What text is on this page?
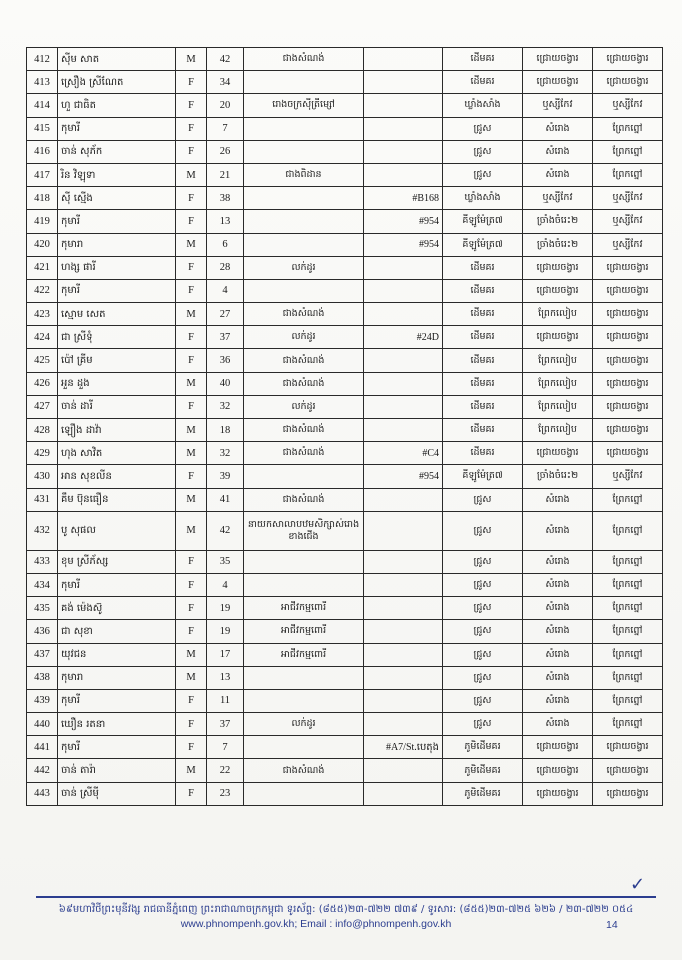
412	ស៊ីម សាត	M	42	ជាងសំណង់		ដើមគរ	ជ្រោយចង្វារ	ជ្រោយចង្វារ
413	ស្រឿង ស្រីណែត	F	34			ដើមគរ	ជ្រោយចង្វារ	ជ្រោយចង្វារ
414	ហួ ជាធិត	F	20	រោងចក្រស៊ីត្រីម្សៅ		ឃ្លាំងសាំង	ឬស្សីកែវ	ឬស្សីកែវ
415	កុមារី	F	7			ជ្រូស	សំរោង	ព្រែកព្នៅ
416	ចាន់ សុភ័ក	F	26			ជ្រូស	សំរោង	ព្រែកព្នៅ
417	រិន វិឡុទា	M	21	ជាងពិដាន		ជ្រូស	សំរោង	ព្រែកព្នៅ
418	ស៊ី ស្មើង	F	38		#B168	ឃ្លាំងសាំង	ឬស្សីកែវ	ឬស្សីកែវ
419	កុមារី	F	13		#954	គីឡូម៉ែត្រ៧	ច្រាំងចំរេះ២	ឬស្សីកែវ
420	កុមារា	M	6		#954	គីឡូម៉ែត្រ៧	ច្រាំងចំរេះ២	ឬស្សីកែវ
421	ហង្ស ផារី	F	28	លក់ដូរ		ដើមគរ	ជ្រោយចង្វារ	ជ្រោយចង្វារ
422	កុមារី	F	4			ដើមគរ	ជ្រោយចង្វារ	ជ្រោយចង្វារ
423	ស្មោម សេត	M	27	ជាងសំណង់		ដើមគរ	ព្រែកលៀប	ជ្រោយចង្វារ
424	ជា ស្រីទុំ	F	37	លក់ដូរ	#24D	ដើមគរ	ជ្រោយចង្វារ	ជ្រោយចង្វារ
425	ប៉ៅ គ្រីម	F	36	ជាងសំណង់		ដើមគរ	ព្រែកលៀប	ជ្រោយចង្វារ
426	អួន ដួង	M	40	ជាងសំណង់		ដើមគរ	ព្រែកលៀប	ជ្រោយចង្វារ
427	ចាន់ ដារី	F	32	លក់ដូរ		ដើមគរ	ព្រែកលៀប	ជ្រោយចង្វារ
428	ឡឿង ដាវ៉ា	M	18	ជាងសំណង់		ដើមគរ	ព្រែកលៀប	ជ្រោយចង្វារ
429	ហុង សាវិត	M	32	ជាងសំណង់	#C4	ដើមគរ	ជ្រោយចង្វារ	ជ្រោយចង្វារ
430	អាន សុខលីន	F	39		#954	គីឡូម៉ែត្រ៧	ច្រាំងចំរេះ២	ឬស្សីកែវ
431	គឹម ប៊ុនធឿន	M	41	ជាងសំណង់		ជ្រូស	សំរោង	ព្រែកព្នៅ
432	បូ សុផល	M	42	នាយកសាលាបឋមសិក្សាស់រោងខាងជើង		ជ្រូស	សំរោង	ព្រែកព្នៅ
433	ខុម ស្រីភ័ស្ស	F	35			ជ្រូស	សំរោង	ព្រែកព្នៅ
434	កុមារី	F	4			ជ្រូស	សំរោង	ព្រែកព្នៅ
435	គង់ ម៉េងស៊ូ	F	19	អាជីវកម្មពោរី		ជ្រូស	សំរោង	ព្រែកព្នៅ
436	ជា សុខា	F	19	អាជីវកម្មពោរី		ជ្រូស	សំរោង	ព្រែកព្នៅ
437	យុវជន	M	17	អាជីវកម្មពោរី		ជ្រូស	សំរោង	ព្រែកព្នៅ
438	កុមារា	M	13			ជ្រូស	សំរោង	ព្រែកព្នៅ
439	កុមារី	F	11			ជ្រូស	សំរោង	ព្រែកព្នៅ
440	ឃឿន រតនា	F	37	លក់ដូរ		ជ្រូស	សំរោង	ព្រែកព្នៅ
441	កុមារី	F	7		#A7/St.បេតុង	ភូមិដើមគរ	ជ្រោយចង្វារ	ជ្រោយចង្វារ
442	ចាន់ តារ៉ា	M	22	ជាងសំណង់		ភូមិដើមគរ	ជ្រោយចង្វារ	ជ្រោយចង្វារ
443	ចាន់ ស្រីម៉ី	F	23			ភូមិដើមគរ	ជ្រោយចង្វារ	ជ្រោយចង្វារ
✓
៦៩មហាវិថីព្រះមុនីវង្ស រាជធានីភ្នំពេញ ព្រះរាជាណាចក្រកម្ពុជា ទូរស័ព្ទ: (៨៥៥)២៣-៧២២ ៧៣៩ / ទូរសារ: (៨៥៥)២៣-៧២៥ ៦២៦ / ២៣-៧២២ ០៥៤
www.phnompenh.gov.kh; Email : info@phnompenh.gov.kh	14
